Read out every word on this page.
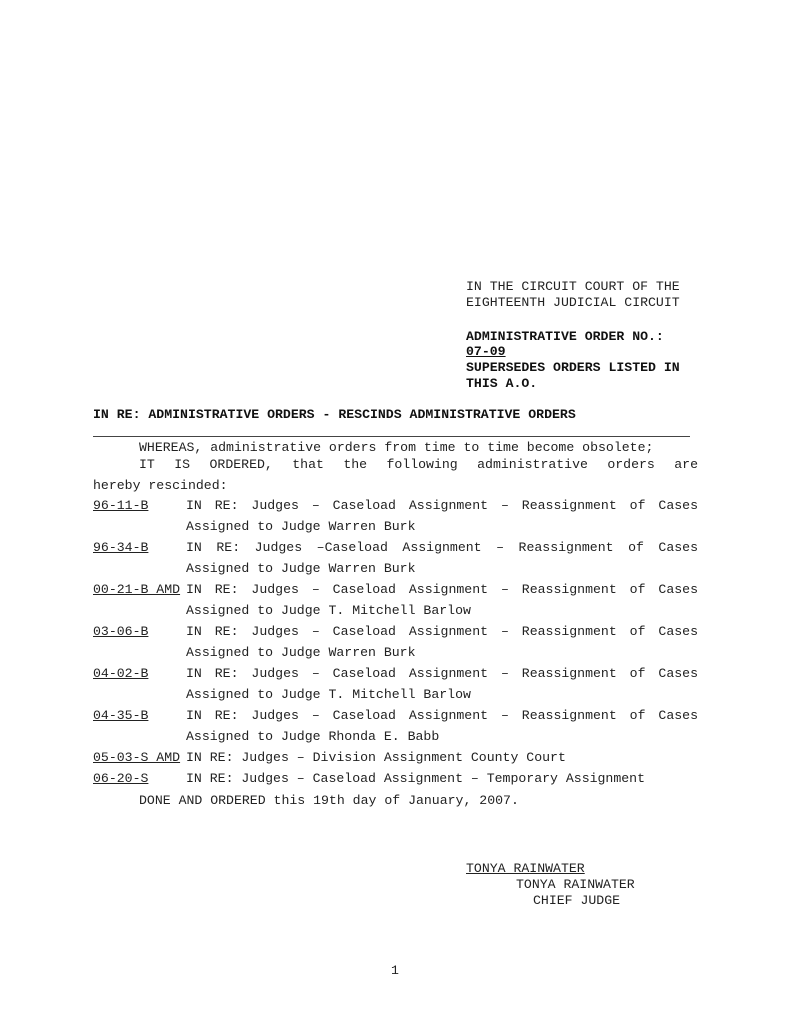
IN THE CIRCUIT COURT OF THE
EIGHTEENTH JUDICIAL CIRCUIT
ADMINISTRATIVE ORDER NO.:
07-09
SUPERSEDES ORDERS LISTED IN
THIS A.O.
IN RE: ADMINISTRATIVE ORDERS - RESCINDS ADMINISTRATIVE ORDERS
WHEREAS, administrative orders from time to time become obsolete;
IT IS ORDERED, that the following administrative orders are
hereby rescinded:
96-11-B	IN RE: Judges – Caseload Assignment – Reassignment of Cases
Assigned to Judge Warren Burk
96-34-B	IN RE: Judges –Caseload Assignment – Reassignment of Cases
Assigned to Judge Warren Burk
00-21-B AMD IN RE: Judges – Caseload Assignment – Reassignment of Cases
Assigned to Judge T. Mitchell Barlow
03-06-B	IN RE: Judges – Caseload Assignment – Reassignment of Cases
Assigned to Judge Warren Burk
04-02-B	IN RE: Judges – Caseload Assignment – Reassignment of Cases
Assigned to Judge T. Mitchell Barlow
04-35-B	IN RE: Judges – Caseload Assignment – Reassignment of Cases
Assigned to Judge Rhonda E. Babb
05-03-S AMD IN RE: Judges – Division Assignment County Court
06-20-S	IN RE: Judges – Caseload Assignment – Temporary Assignment
DONE AND ORDERED this 19th day of January, 2007.
TONYA RAINWATER
TONYA RAINWATER
CHIEF JUDGE
1
